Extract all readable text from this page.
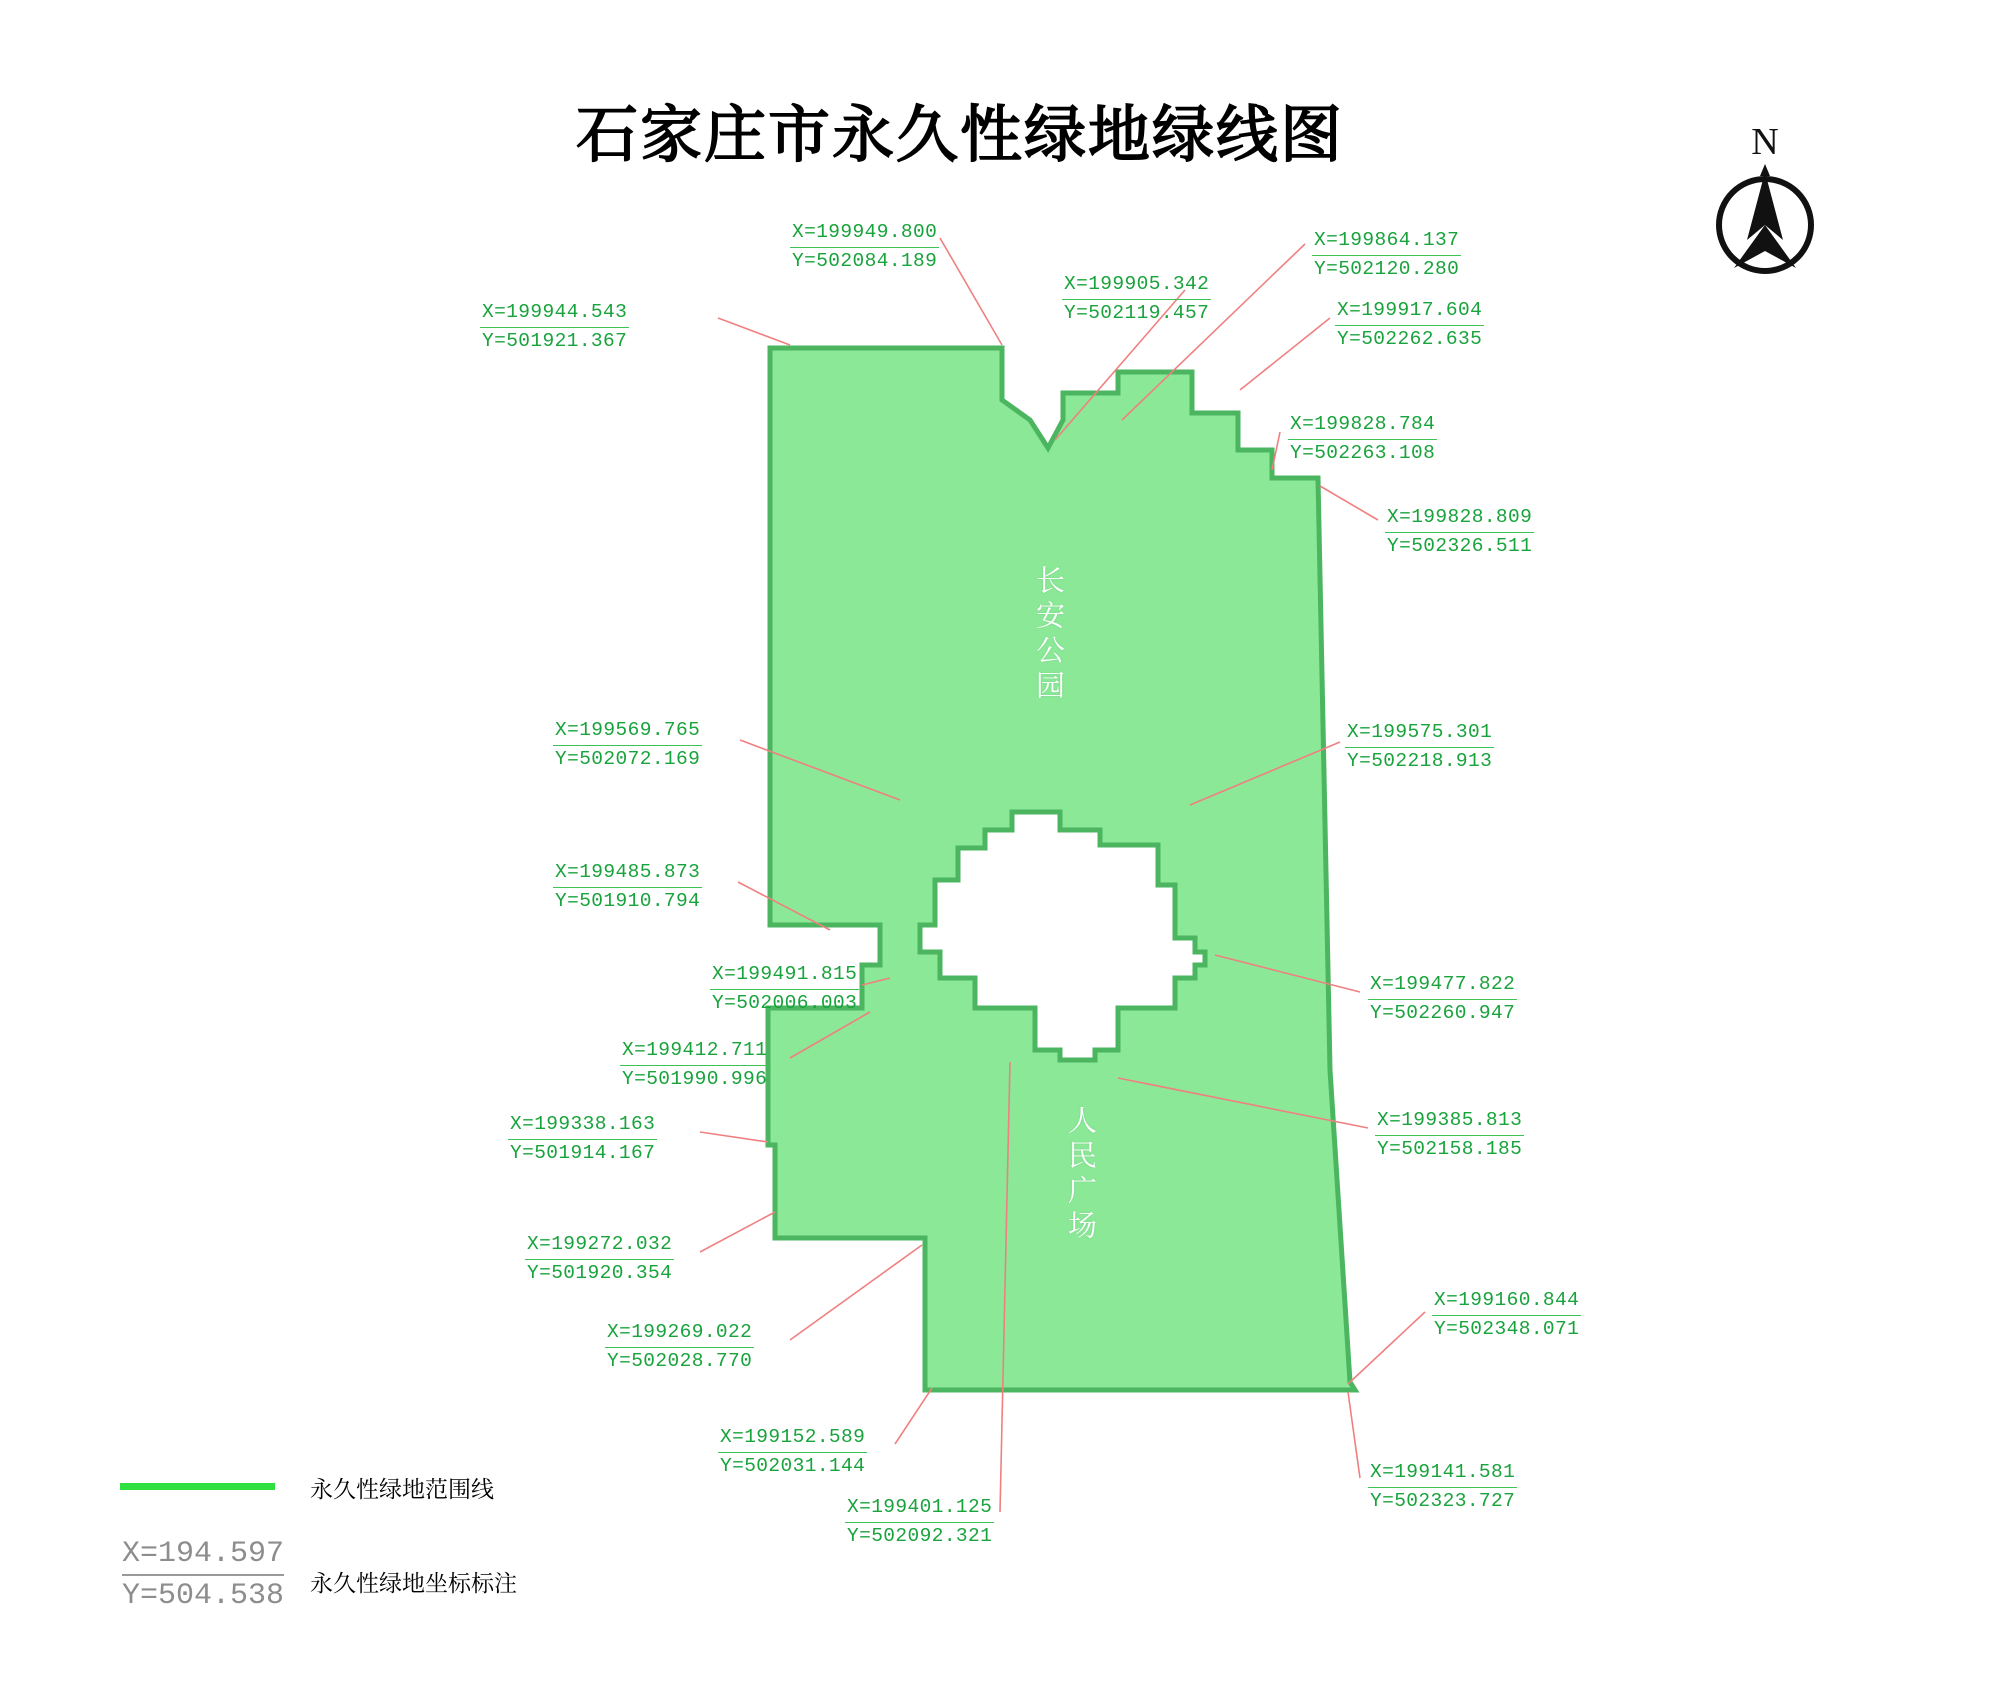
石家庄市永久性绿地绿线图	N
长安公园
人民广场
X=199944.543
Y=501921.367
X=199949.800
Y=502084.189
X=199905.342
Y=502119.457
X=199864.137
Y=502120.280
X=199917.604
Y=502262.635
X=199828.784
Y=502263.108
X=199828.809
Y=502326.511
X=199569.765
Y=502072.169
X=199575.301
Y=502218.913
X=199485.873
Y=501910.794
X=199491.815
Y=502006.003
X=199477.822
Y=502260.947
X=199412.711
Y=501990.996
X=199385.813
Y=502158.185
X=199338.163
Y=501914.167
X=199272.032
Y=501920.354
X=199269.022
Y=502028.770
X=199160.844
Y=502348.071
X=199152.589
Y=502031.144	X=199141.581
Y=502323.727
X=199401.125
Y=502092.321
永久性绿地范围线
X=194.597
Y=504.538 永久性绿地坐标标注
